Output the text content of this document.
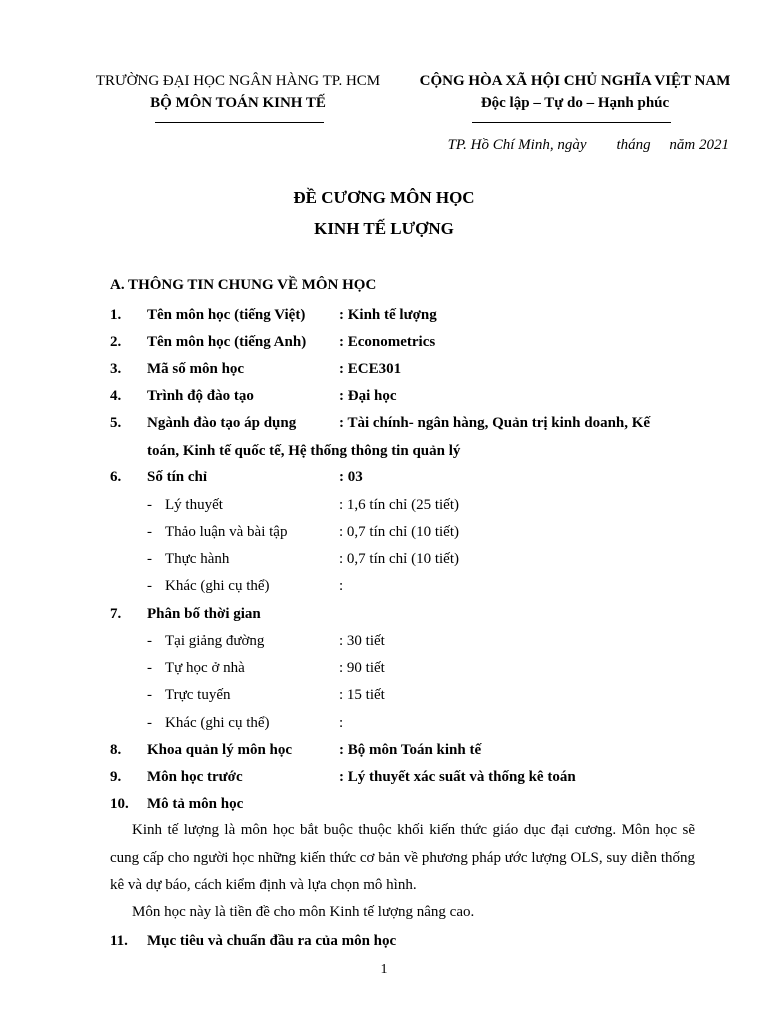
TRƯỜNG ĐẠI HỌC NGÂN HÀNG TP. HCM
BỘ MÔN TOÁN KINH TẾ
CỘNG HÒA XÃ HỘI CHỦ NGHĨA VIỆT NAM
Độc lập – Tự do – Hạnh phúc
TP. Hồ Chí Minh, ngày        tháng     năm 2021
ĐỀ CƯƠNG MÔN HỌC
KINH TẾ LƯỢNG
A. THÔNG TIN CHUNG VỀ MÔN HỌC
1.	Tên môn học (tiếng Việt) : Kinh tế lượng
2.	Tên môn học (tiếng Anh) : Econometrics
3.	Mã số môn học	: ECE301
4.	Trình độ đào tạo	: Đại học
5.	Ngành đào tạo áp dụng	: Tài chính- ngân hàng, Quản trị kinh doanh, Kế
toán, Kinh tế quốc tế, Hệ thống thông tin quản lý
6.	Số tín chỉ	: 03
- Lý thuyết	: 1,6 tín chỉ (25 tiết)
- Thảo luận và bài tập	: 0,7 tín chỉ (10 tiết)
- Thực hành	: 0,7 tín chỉ (10 tiết)
- Khác (ghi cụ thể)	:
7.	Phân bố thời gian
- Tại giảng đường	: 30 tiết
- Tự học ở nhà	: 90 tiết
- Trực tuyến	: 15 tiết
- Khác (ghi cụ thể)	:
8.	Khoa quản lý môn học	: Bộ môn Toán kinh tế
9.	Môn học trước	: Lý thuyết xác suất và thống kê toán
10.	Mô tả môn học
Kinh tế lượng là môn học bắt buộc thuộc khối kiến thức giáo dục đại cương. Môn học sẽ cung cấp cho người học những kiến thức cơ bản về phương pháp ước lượng OLS, suy diễn thống kê và dự báo, cách kiểm định và lựa chọn mô hình.
Môn học này là tiền đề cho môn Kinh tế lượng nâng cao.
11.	Mục tiêu và chuẩn đầu ra của môn học
1
